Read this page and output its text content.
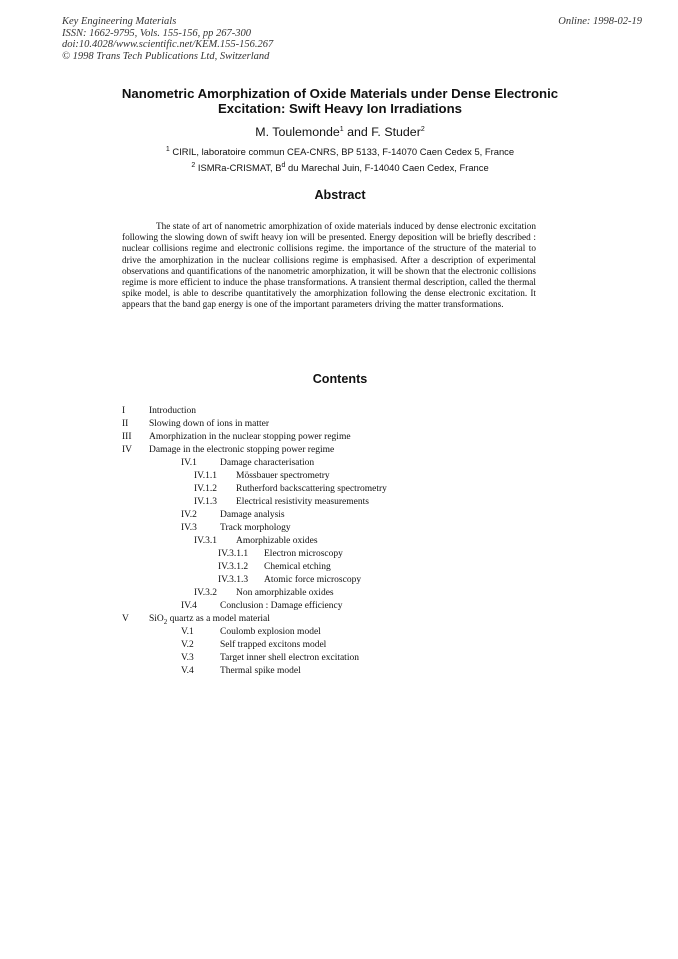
Key Engineering Materials
ISSN: 1662-9795, Vols. 155-156, pp 267-300
doi:10.4028/www.scientific.net/KEM.155-156.267
© 1998 Trans Tech Publications Ltd, Switzerland
Online: 1998-02-19
Nanometric Amorphization of Oxide Materials under Dense Electronic
Excitation: Swift Heavy Ion Irradiations
M. Toulemonde$^1$ and F. Studer$^2$
$^1$ CIRIL, laboratoire commun CEA-CNRS, BP 5133, F-14070 Caen Cedex 5, France
$^2$ ISMRa-CRISMAT, $B^d$ du Marechal Juin, F-14040 Caen Cedex, France
Abstract
The state of art of nanometric amorphization of oxide materials induced by dense electronic excitation following the slowing down of swift heavy ion will be presented. Energy deposition will be briefly described : nuclear collisions regime and electronic collisions regime. the importance of the structure of the material to drive the amorphization in the nuclear collisions regime is emphasised. After a description of experimental observations and quantifications of the nanometric amorphization, it will be shown that the electronic collisions regime is more efficient to induce the phase transformations. A transient thermal description, called the thermal spike model, is able to describe quantitatively the amorphization following the dense electronic excitation. It appears that the band gap energy is one of the important parameters driving the matter transformations.
Contents
I	Introduction
II Slowing down of ions in matter
III Amorphization in the nuclear stopping power regime
IV Damage in the electronic stopping power regime
IV.1 Damage characterisation
IV.1.1 Mössbauer spectrometry
IV.1.2 Rutherford backscattering spectrometry
IV.1.3 Electrical resistivity measurements
IV.2 Damage analysis
IV.3 Track morphology
IV.3.1 Amorphizable oxides
IV.3.1.1 Electron microscopy
IV.3.1.2 Chemical etching
IV.3.1.3 Atomic force microscopy
IV.3.2 Non amorphizable oxides
IV.4 Conclusion : Damage efficiency
V SiO$_2$ quartz as a model material
V.1	Coulomb explosion model
V.2	Self trapped excitons model
V.3	Target inner shell electron excitation
V.4	Thermal spike model
